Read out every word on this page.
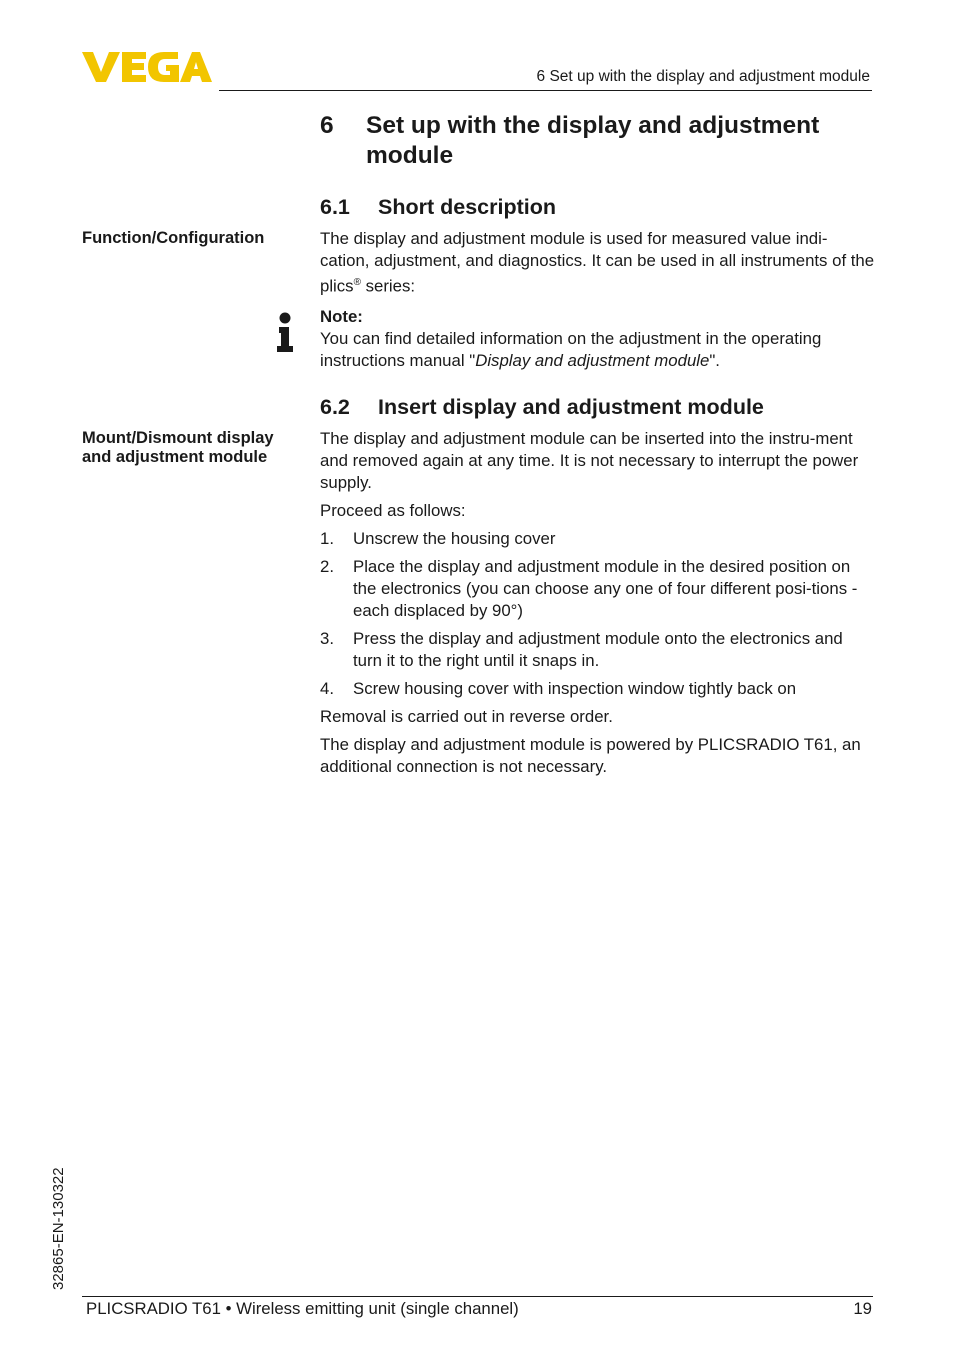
6 Set up with the display and adjustment module
6 Set up with the display and adjustment module
6.1 Short description
Function/Configuration	The display and adjustment module is used for measured value indi-cation, adjustment, and diagnostics. It can be used in all instruments of the plics® series:

Note:

You can find detailed information on the adjustment in the operating instructions manual "Display and adjustment module".

6.2 Insert display and adjustment module
Mount/Dismount display
and adjustment module

The display and adjustment module can be inserted into the instru-ment and removed again at any time. It is not necessary to interrupt the power supply.

Proceed as follows:

1. Unscrew the housing cover
2. Place the display and adjustment module in the desired position on the electronics (you can choose any one of four different posi-tions - each displaced by 90°)
3. Press the display and adjustment module onto the electronics and turn it to the right until it snaps in.
4. Screw housing cover with inspection window tightly back on

Removal is carried out in reverse order.

The display and adjustment module is powered by PLICSRADIO T61, an additional connection is not necessary.

32865-EN-130322
PLICSRADIO T61 • Wireless emitting unit (single channel)	19
